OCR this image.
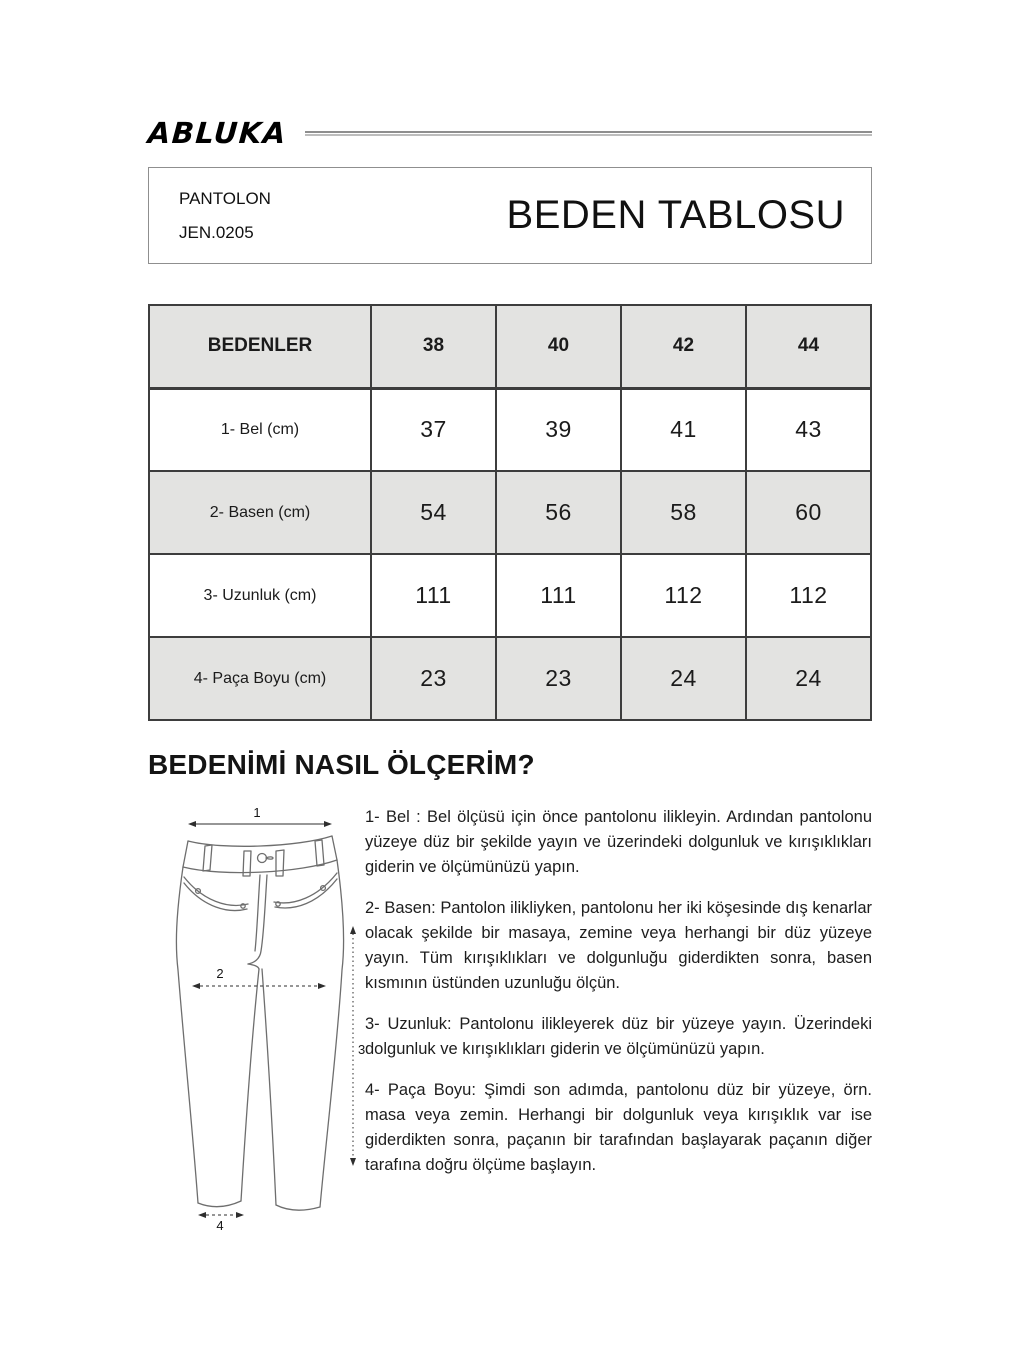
ABLUKA
PANTOLON
JEN.0205	BEDEN TABLOSU
BEDENLER	38	40	42	44
1- Bel (cm)	37	39	41	43
2- Basen (cm)	54	56	58	60
3- Uzunluk (cm)	111	111	112	112
4- Paça Boyu (cm)	23	23	24	24
BEDENİMİ NASIL ÖLÇERİM?
1
2
3
4

1- Bel : Bel ölçüsü için önce pantolonu ilikleyin. Ardından pantolonu yüzeye düz bir şekilde yayın ve üzerindeki dolgunluk ve kırışıklıkları giderin ve ölçümünüzü yapın.

2- Basen: Pantolon ilikliyken, pantolonu her iki köşesinde dış kenarlar olacak şekilde bir masaya, zemine veya herhangi bir düz yüzeye yayın. Tüm kırışıklıkları ve dolgunluğu giderdikten sonra, basen kısmının üstünden uzunluğu ölçün.

3- Uzunluk: Pantolonu ilikleyerek düz bir yüzeye yayın. Üzerindeki dolgunluk ve kırışıklıkları giderin ve ölçümünüzü yapın.

4- Paça Boyu: Şimdi son adımda, pantolonu düz bir yüzeye, örn. masa veya zemin. Herhangi bir dolgunluk veya kırışıklık var ise giderdikten sonra, paçanın bir tarafından başlayarak paçanın diğer tarafına doğru ölçüme başlayın.
